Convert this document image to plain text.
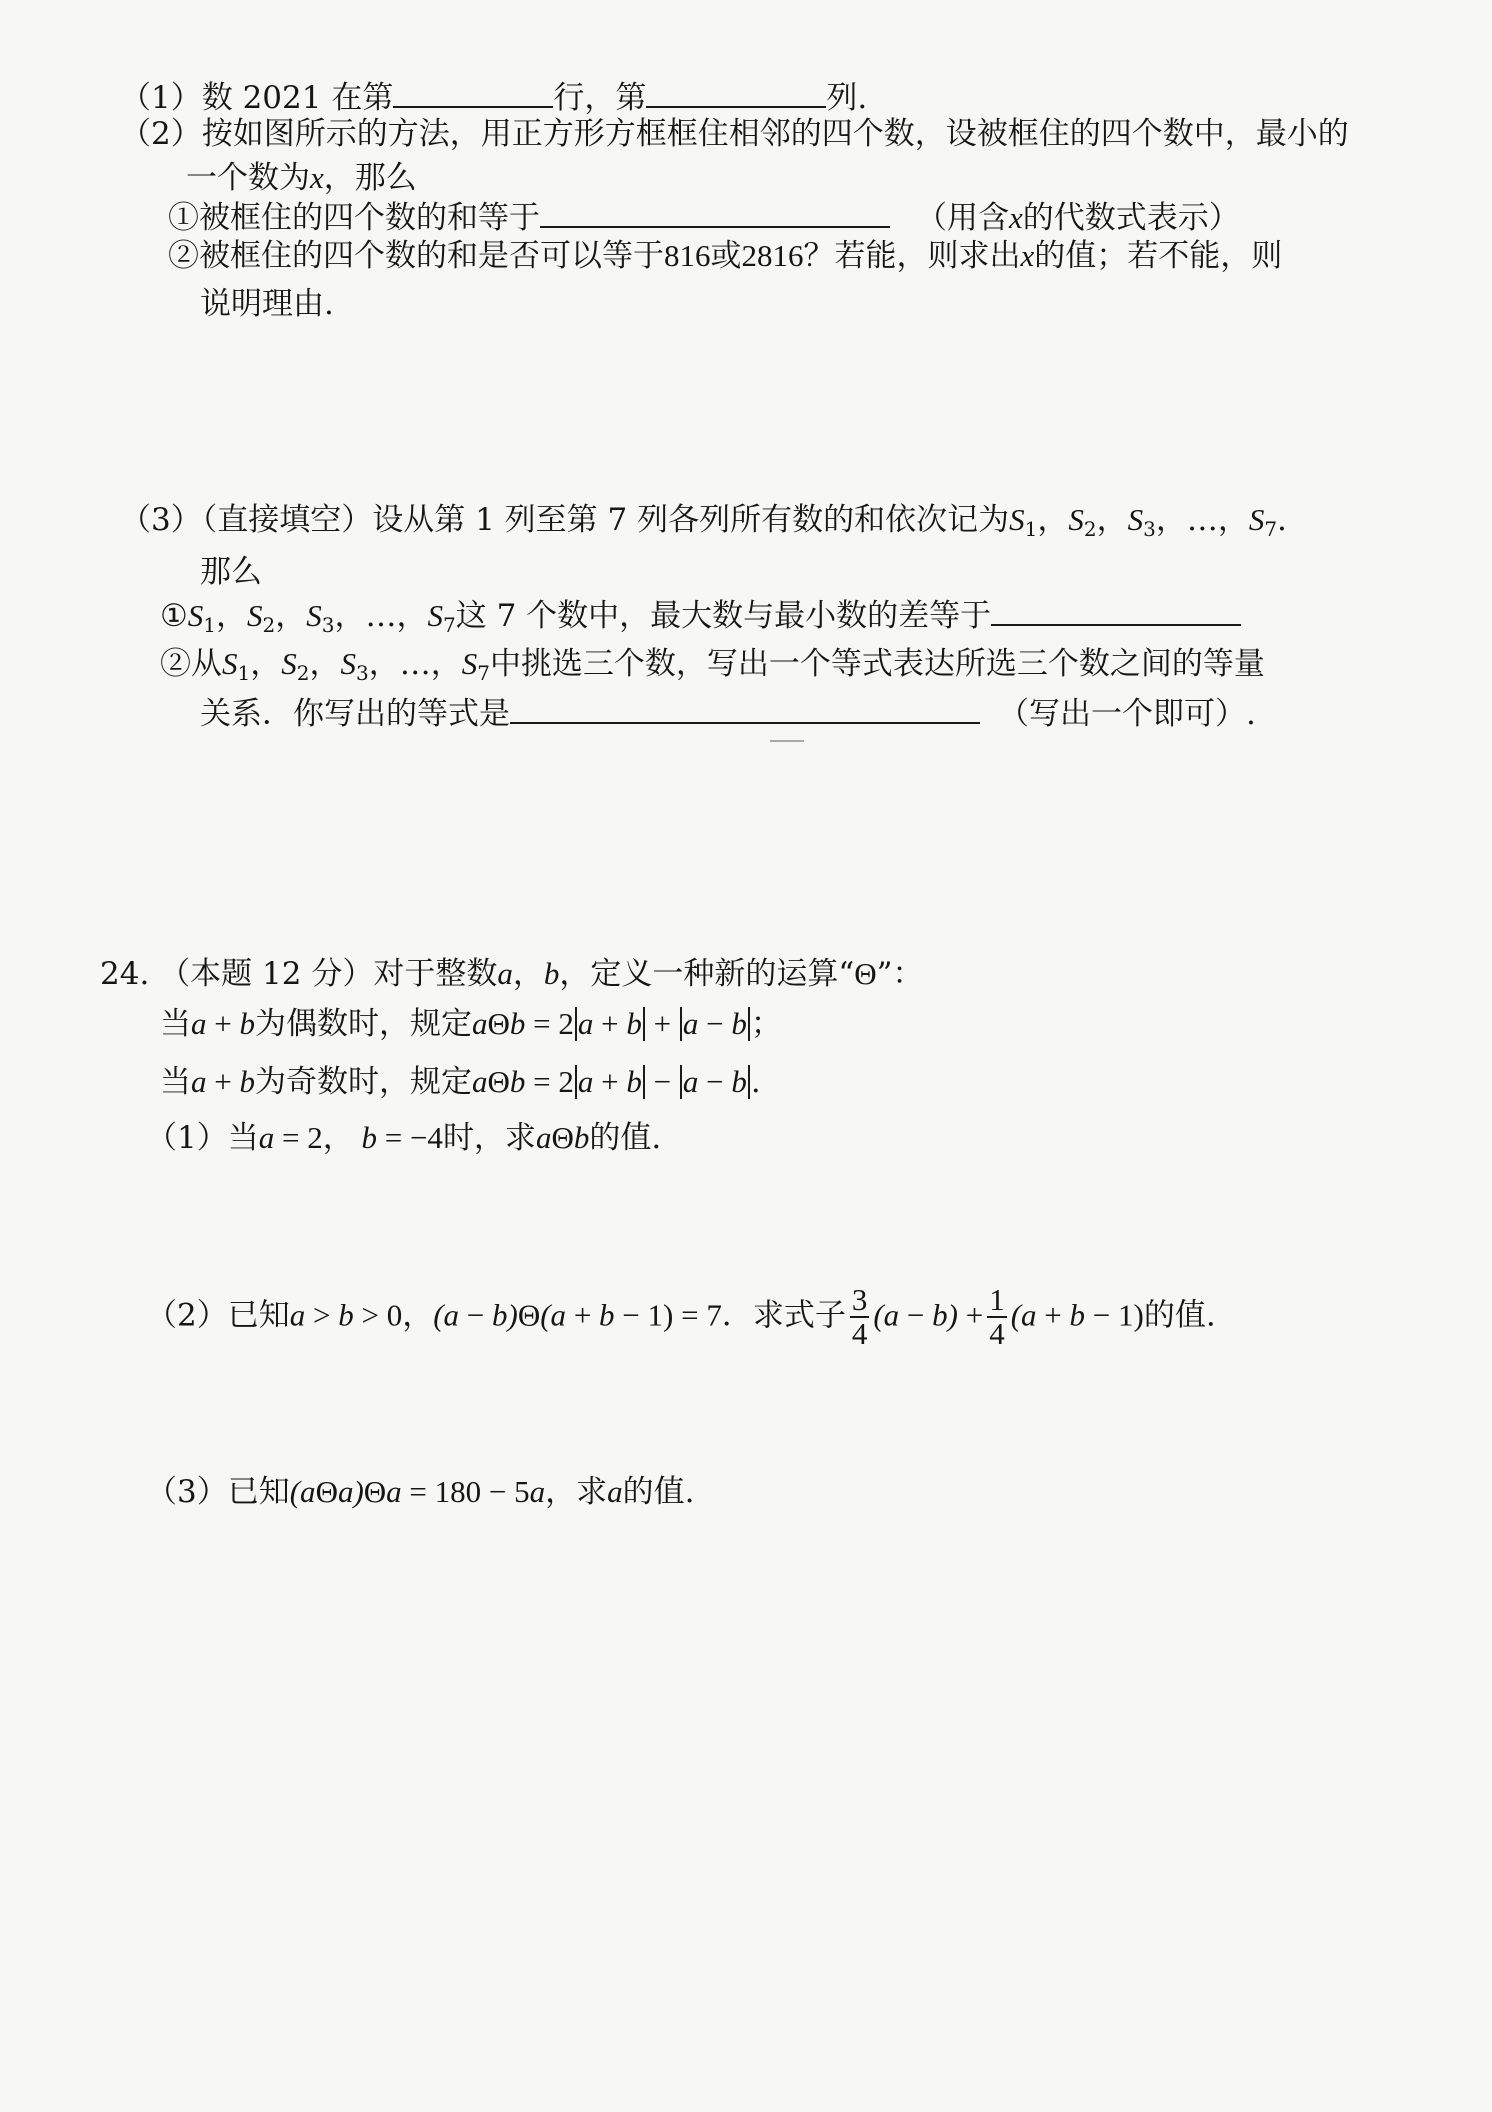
（1）数 2021 在第	行，第	列.
（2）按如图所示的方法，用正方形方框框住相邻的四个数，设被框住的四个数中，最小的
一个数为x，那么
①被框住的四个数的和等于	（用含x的代数式表示）
②被框住的四个数的和是否可以等于816或2816？若能，则求出x的值；若不能，则
说明理由.
（3）（直接填空）设从第 1 列至第 7 列各列所有数的和依次记为$S_1$，$S_2$，$S_3$，…，$S_7$.
那么
$①S_1$，$S_2$，$S_3$，…，$S_7$这 7 个数中，最大数与最小数的差等于
②从$S_1$，$S_2$，$S_3$，…，$S_7$中挑选三个数，写出一个等式表达所选三个数之间的等量
关系．你写出的等式是	（写出一个即可）.
24. （本题 12 分）对于整数a，b，定义一种新的运算“Θ”：
当a + b为偶数时，规定aΘb = 2 a + b + a − b ；
当a + b为奇数时，规定aΘb = 2 a + b − a − b .
（1）当a = 2， b = −4时，求aΘb的值.
（2）已知a > b > 0，(a − b)Θ(a + b − 1) = 7．求式子 $\frac{3}{4} (a - b) + \frac{1}{4} (a + b - 1)$的值.
（3）已知(aΘa)Θa = 180 − 5a，求a的值.
